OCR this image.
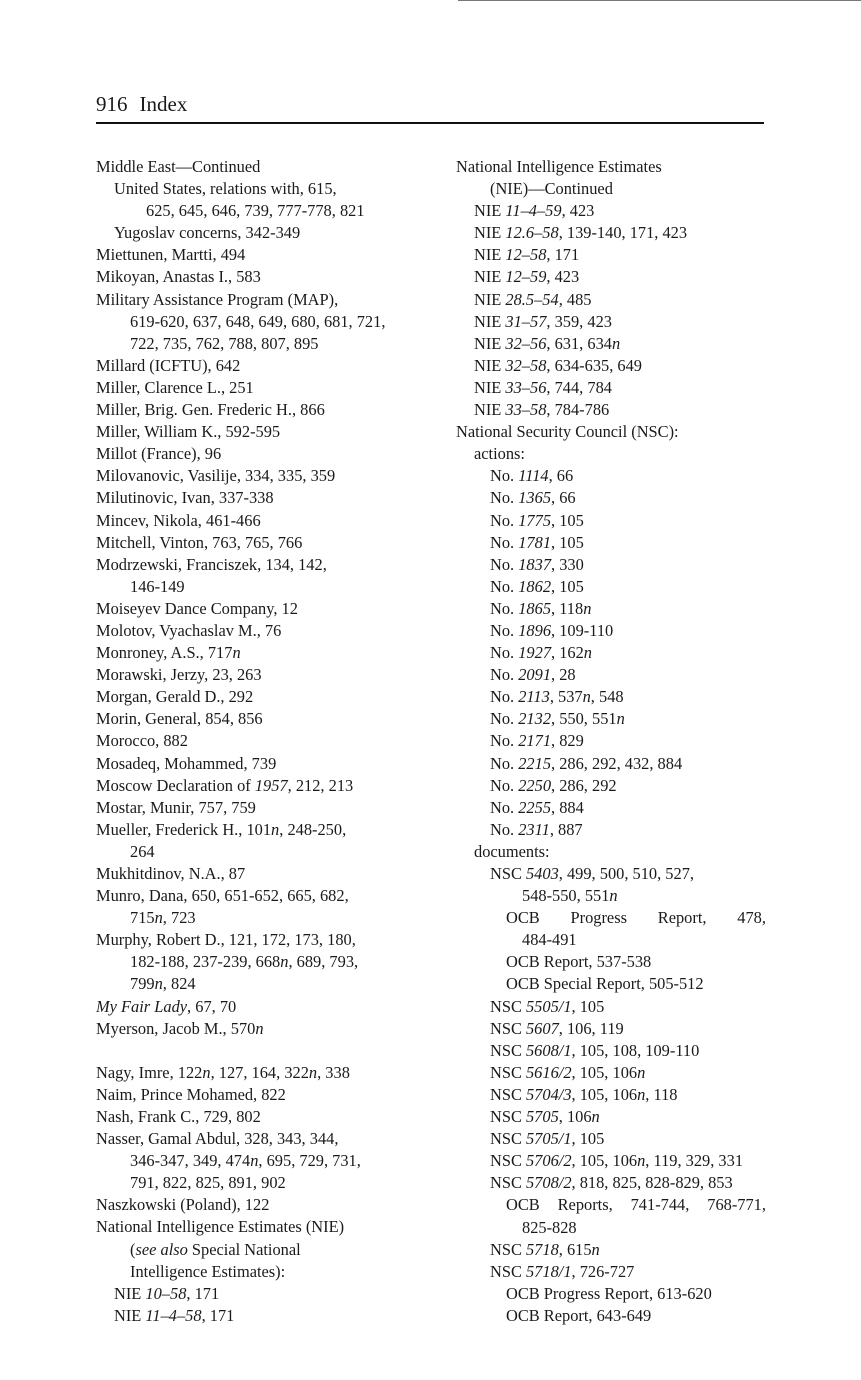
916 Index
Middle East—Continued
United States, relations with, 615,
625, 645, 646, 739, 777-778, 821
Yugoslav concerns, 342-349
Miettunen, Martti, 494
Mikoyan, Anastas I., 583
Military Assistance Program (MAP),
619-620, 637, 648, 649, 680, 681, 721,
722, 735, 762, 788, 807, 895
Millard (ICFTU), 642
Miller, Clarence L., 251
Miller, Brig. Gen. Frederic H., 866
Miller, William K., 592-595
Millot (France), 96
Milovanovic, Vasilije, 334, 335, 359
Milutinovic, Ivan, 337-338
Mincev, Nikola, 461-466
Mitchell, Vinton, 763, 765, 766
Modrzewski, Franciszek, 134, 142,
146-149
Moiseyev Dance Company, 12
Molotov, Vyachaslav M., 76
Monroney, A.S., 717n
Morawski, Jerzy, 23, 263
Morgan, Gerald D., 292
Morin, General, 854, 856
Morocco, 882
Mosadeq, Mohammed, 739
Moscow Declaration of 1957, 212, 213
Mostar, Munir, 757, 759
Mueller, Frederick H., 101n, 248-250,
264
Mukhitdinov, N.A., 87
Munro, Dana, 650, 651-652, 665, 682,
715n, 723
Murphy, Robert D., 121, 172, 173, 180,
182-188, 237-239, 668n, 689, 793,
799n, 824
My Fair Lady, 67, 70
Myerson, Jacob M., 570n
Nagy, Imre, 122n, 127, 164, 322n, 338
Naim, Prince Mohamed, 822
Nash, Frank C., 729, 802
Nasser, Gamal Abdul, 328, 343, 344,
346-347, 349, 474n, 695, 729, 731,
791, 822, 825, 891, 902
Naszkowski (Poland), 122
National Intelligence Estimates (NIE)
(see also Special National
Intelligence Estimates):
NIE 10–58, 171
NIE 11–4–58, 171
National Intelligence Estimates
(NIE)—Continued
NIE 11–4–59, 423
NIE 12.6–58, 139-140, 171, 423
NIE 12–58, 171
NIE 12–59, 423
NIE 28.5–54, 485
NIE 31–57, 359, 423
NIE 32–56, 631, 634n
NIE 32–58, 634-635, 649
NIE 33–56, 744, 784
NIE 33–58, 784-786
National Security Council (NSC):
actions:
No. 1114, 66
No. 1365, 66
No. 1775, 105
No. 1781, 105
No. 1837, 330
No. 1862, 105
No. 1865, 118n
No. 1896, 109-110
No. 1927, 162n
No. 2091, 28
No. 2113, 537n, 548
No. 2132, 550, 551n
No. 2171, 829
No. 2215, 286, 292, 432, 884
No. 2250, 286, 292
No. 2255, 884
No. 2311, 887
documents:
NSC 5403, 499, 500, 510, 527,
548-550, 551n
OCB Progress Report, 478,
484-491
OCB Report, 537-538
OCB Special Report, 505-512
NSC 5505/1, 105
NSC 5607, 106, 119
NSC 5608/1, 105, 108, 109-110
NSC 5616/2, 105, 106n
NSC 5704/3, 105, 106n, 118
NSC 5705, 106n
NSC 5705/1, 105
NSC 5706/2, 105, 106n, 119, 329, 331
NSC 5708/2, 818, 825, 828-829, 853
OCB Reports, 741-744, 768-771,
825-828
NSC 5718, 615n
NSC 5718/1, 726-727
OCB Progress Report, 613-620
OCB Report, 643-649
